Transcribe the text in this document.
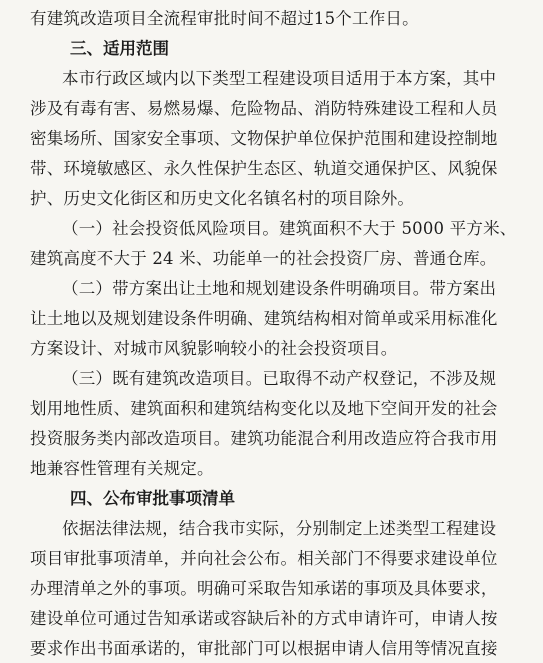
有建筑改造项目全流程审批时间不超过15个工作日。
三、适用范围
本市行政区域内以下类型工程建设项目适用于本方案，其中
涉及有毒有害、易燃易爆、危险物品、消防特殊建设工程和人员
密集场所、国家安全事项、文物保护单位保护范围和建设控制地
带、环境敏感区、永久性保护生态区、轨道交通保护区、风貌保
护、历史文化街区和历史文化名镇名村的项目除外。
（一）社会投资低风险项目。建筑面积不大于 5000 平方米、
建筑高度不大于 24 米、功能单一的社会投资厂房、普通仓库。
（二）带方案出让土地和规划建设条件明确项目。带方案出
让土地以及规划建设条件明确、建筑结构相对简单或采用标准化
方案设计、对城市风貌影响较小的社会投资项目。
（三）既有建筑改造项目。已取得不动产权登记，不涉及规
划用地性质、建筑面积和建筑结构变化以及地下空间开发的社会
投资服务类内部改造项目。建筑功能混合利用改造应符合我市用
地兼容性管理有关规定。
四、公布审批事项清单
依据法律法规，结合我市实际，分别制定上述类型工程建设
项目审批事项清单，并向社会公布。相关部门不得要求建设单位
办理清单之外的事项。明确可采取告知承诺的事项及具体要求，
建设单位可通过告知承诺或容缺后补的方式申请许可，申请人按
要求作出书面承诺的，审批部门可以根据申请人信用等情况直接
